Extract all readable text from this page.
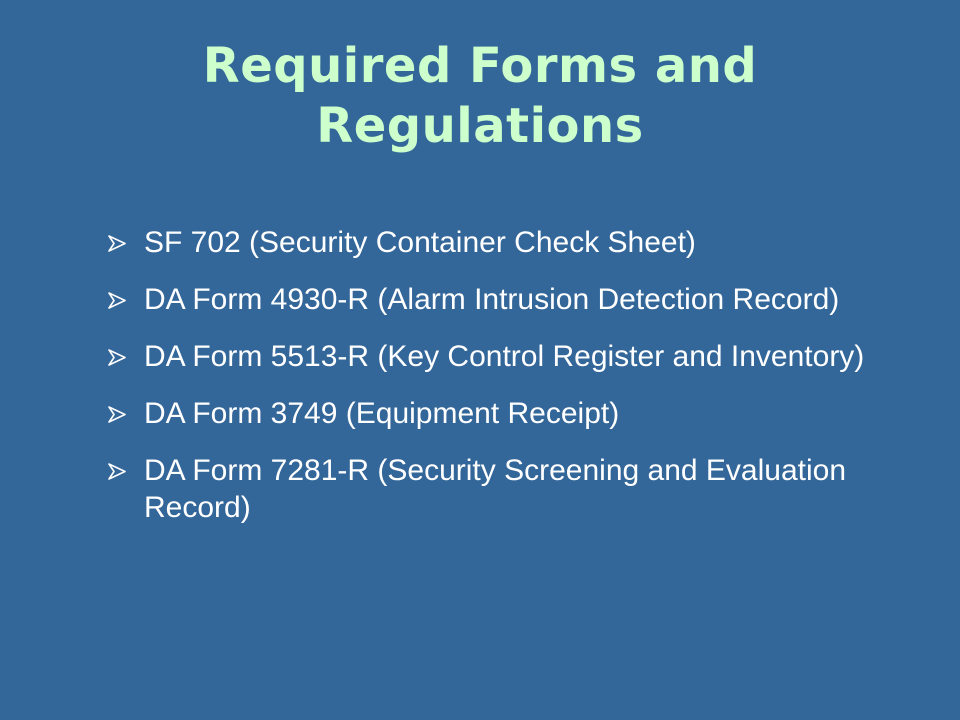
Required Forms and Regulations
SF 702 (Security Container Check Sheet)
DA Form 4930-R (Alarm Intrusion Detection Record)
DA Form 5513-R (Key Control Register and Inventory)
DA Form 3749 (Equipment Receipt)
DA Form 7281-R (Security Screening and Evaluation Record)
